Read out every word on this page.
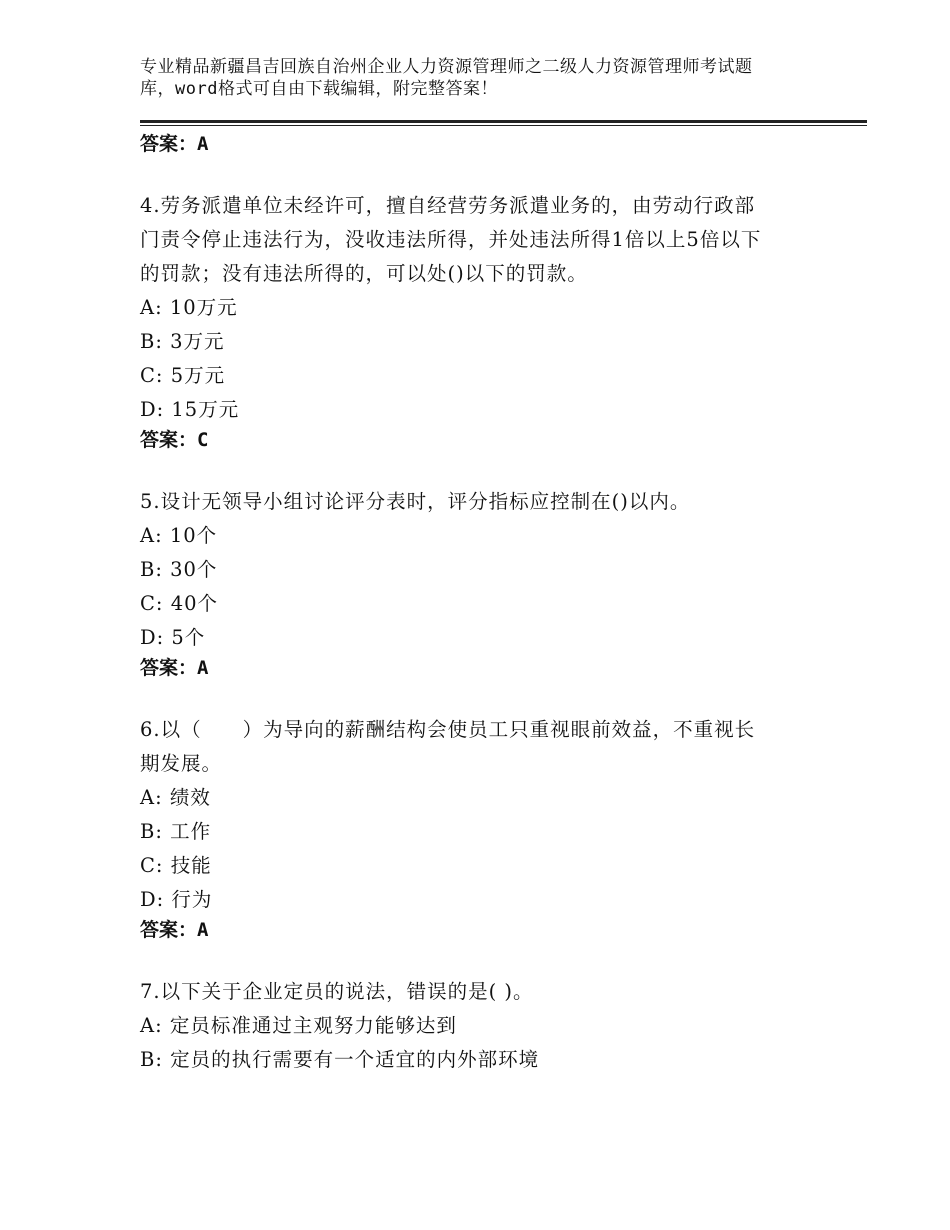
专业精品新疆昌吉回族自治州企业人力资源管理师之二级人力资源管理师考试题
库，word格式可自由下载编辑，附完整答案！
答案：A
4.劳务派遣单位未经许可，擅自经营劳务派遣业务的，由劳动行政部
门责令停止违法行为，没收违法所得，并处违法所得1倍以上5倍以下
的罚款；没有违法所得的，可以处()以下的罚款。
A: 10万元
B: 3万元
C: 5万元
D: 15万元
答案：C
5.设计无领导小组讨论评分表时，评分指标应控制在()以内。
A: 10个
B: 30个
C: 40个
D: 5个
答案：A
6.以（　　）为导向的薪酬结构会使员工只重视眼前效益，不重视长
期发展。
A: 绩效
B: 工作
C: 技能
D: 行为
答案：A
7.以下关于企业定员的说法，错误的是( )。
A: 定员标准通过主观努力能够达到
B: 定员的执行需要有一个适宜的内外部环境
